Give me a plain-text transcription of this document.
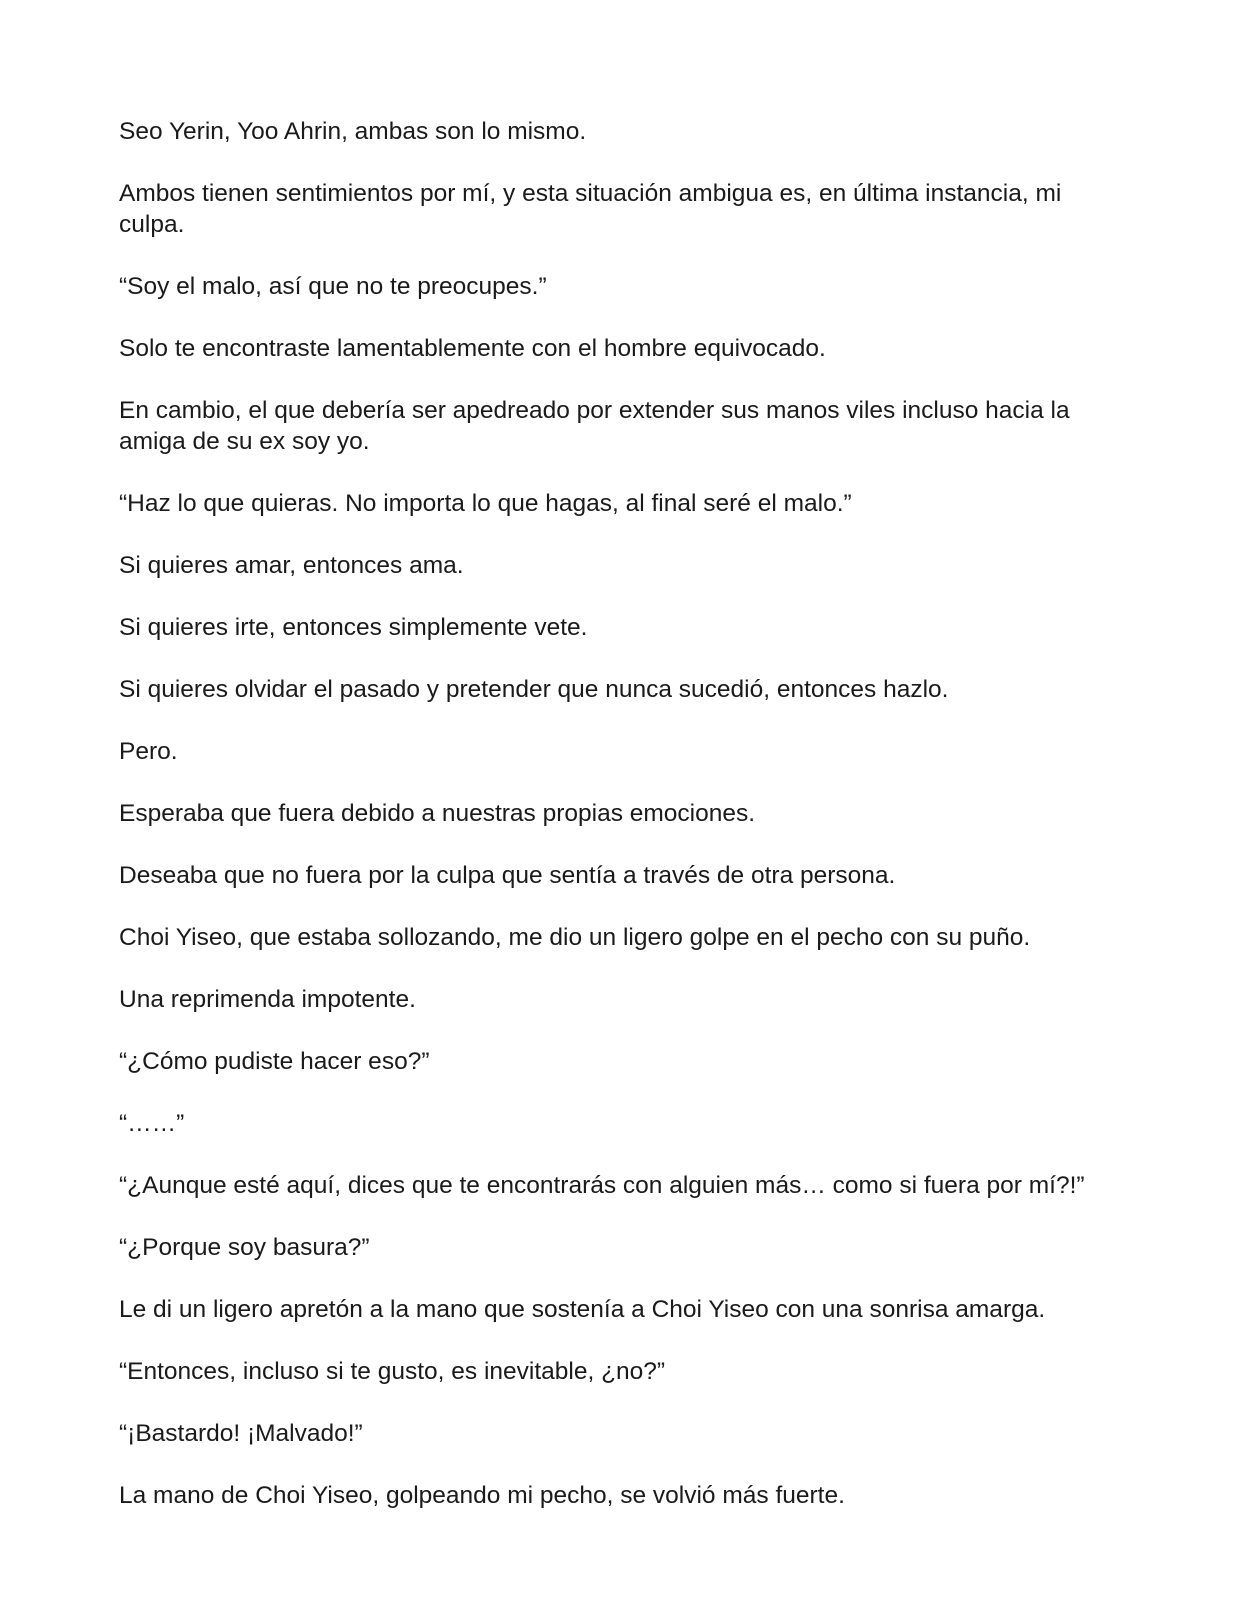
Seo Yerin, Yoo Ahrin, ambas son lo mismo.

Ambos tienen sentimientos por mí, y esta situación ambigua es, en última instancia, mi culpa.

“Soy el malo, así que no te preocupes.”

Solo te encontraste lamentablemente con el hombre equivocado.

En cambio, el que debería ser apedreado por extender sus manos viles incluso hacia la amiga de su ex soy yo.

“Haz lo que quieras. No importa lo que hagas, al final seré el malo.”

Si quieres amar, entonces ama.

Si quieres irte, entonces simplemente vete.

Si quieres olvidar el pasado y pretender que nunca sucedió, entonces hazlo.

Pero.

Esperaba que fuera debido a nuestras propias emociones.

Deseaba que no fuera por la culpa que sentía a través de otra persona.

Choi Yiseo, que estaba sollozando, me dio un ligero golpe en el pecho con su puño.

Una reprimenda impotente.

“¿Cómo pudiste hacer eso?”

“……”

“¿Aunque esté aquí, dices que te encontrarás con alguien más… como si fuera por mí?!”

“¿Porque soy basura?”

Le di un ligero apretón a la mano que sostenía a Choi Yiseo con una sonrisa amarga.

“Entonces, incluso si te gusto, es inevitable, ¿no?”

“¡Bastardo! ¡Malvado!”

La mano de Choi Yiseo, golpeando mi pecho, se volvió más fuerte.
